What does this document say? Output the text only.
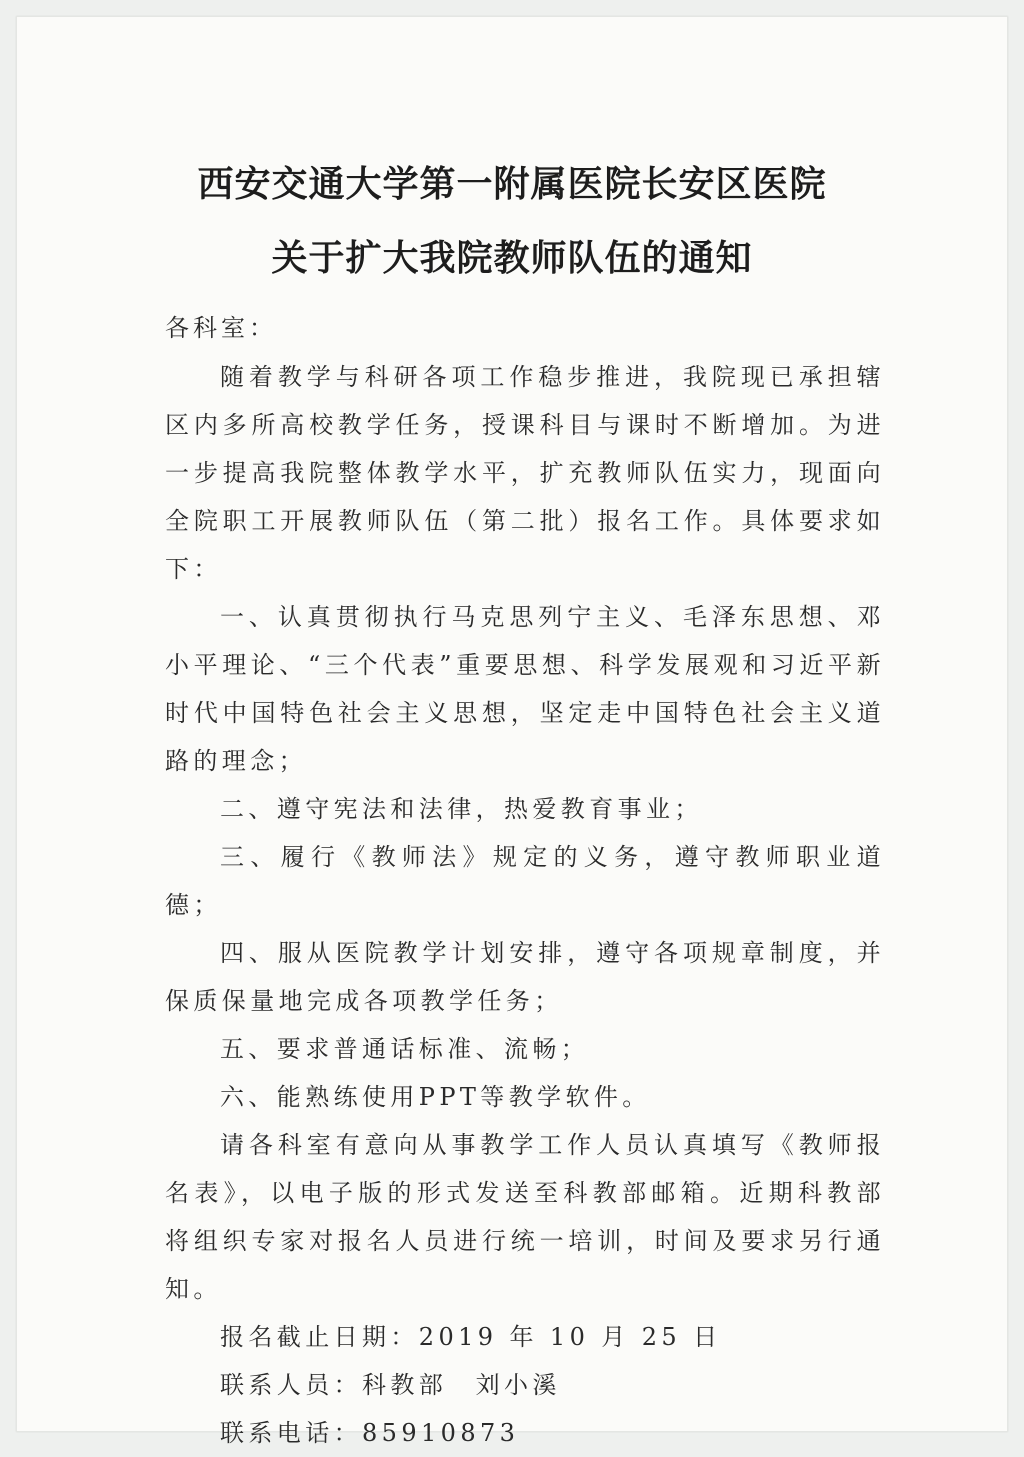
西安交通大学第一附属医院长安区医院
关于扩大我院教师队伍的通知
各科室：

随着教学与科研各项工作稳步推进，我院现已承担辖区内多所高校教学任务，授课科目与课时不断增加。为进一步提高我院整体教学水平，扩充教师队伍实力，现面向全院职工开展教师队伍（第二批）报名工作。具体要求如下：

一、认真贯彻执行马克思列宁主义、毛泽东思想、邓小平理论、“三个代表”重要思想、科学发展观和习近平新时代中国特色社会主义思想，坚定走中国特色社会主义道路的理念；

二、遵守宪法和法律，热爱教育事业；

三、履行《教师法》规定的义务，遵守教师职业道德；

四、服从医院教学计划安排，遵守各项规章制度，并保质保量地完成各项教学任务；

五、要求普通话标准、流畅；

六、能熟练使用PPT等教学软件。

请各科室有意向从事教学工作人员认真填写《教师报名表》，以电子版的形式发送至科教部邮箱。近期科教部将组织专家对报名人员进行统一培训，时间及要求另行通知。

报名截止日期：2019 年 10 月 25 日

联系人员：科教部　刘小溪

联系电话：85910873
